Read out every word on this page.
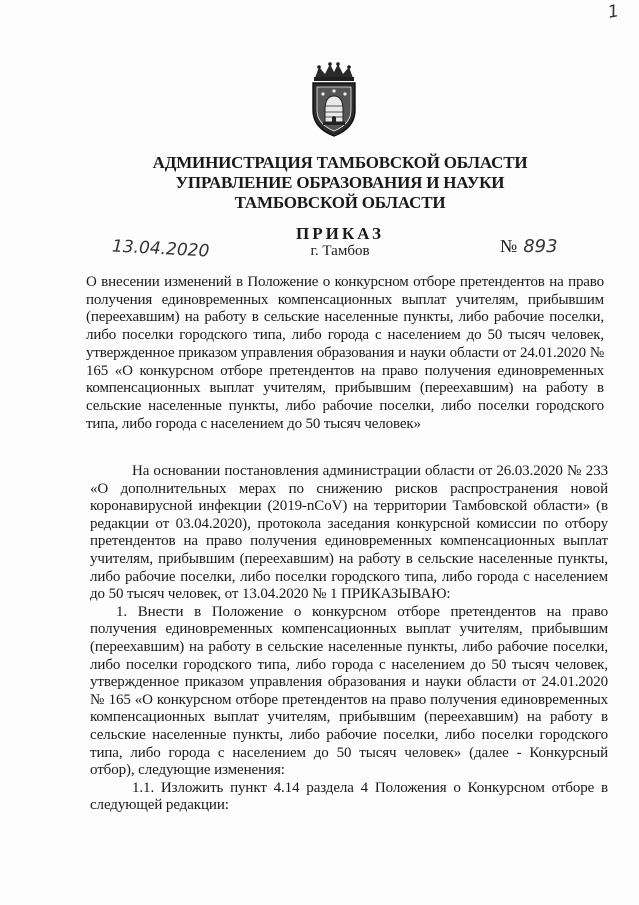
1
АДМИНИСТРАЦИЯ ТАМБОВСКОЙ ОБЛАСТИ
УПРАВЛЕНИЕ ОБРАЗОВАНИЯ И НАУКИ
ТАМБОВСКОЙ ОБЛАСТИ
ПРИКАЗ
13.04.2020	г. Тамбов	№ 893
О внесении изменений в Положение о конкурсном отборе претендентов на право получения единовременных компенсационных выплат учителям, прибывшим (переехавшим) на работу в сельские населенные пункты, либо рабочие поселки, либо поселки городского типа, либо города с населением до 50 тысяч человек, утвержденное приказом управления образования и науки области от 24.01.2020 № 165 «О конкурсном отборе претендентов на право получения единовременных компенсационных выплат учителям, прибывшим (переехавшим) на работу в сельские населенные пункты, либо рабочие поселки, либо поселки городского типа, либо города с населением до 50 тысяч человек»

На основании постановления администрации области от 26.03.2020 № 233 «О дополнительных мерах по снижению рисков распространения новой коронавирусной инфекции (2019-nCoV) на территории Тамбовской области» (в редакции от 03.04.2020), протокола заседания конкурсной комиссии по отбору претендентов на право получения единовременных компенсационных выплат учителям, прибывшим (переехавшим) на работу в сельские населенные пункты, либо рабочие поселки, либо поселки городского типа, либо города с населением до 50 тысяч человек, от 13.04.2020 № 1 ПРИКАЗЫВАЮ:

1. Внести в Положение о конкурсном отборе претендентов на право получения единовременных компенсационных выплат учителям, прибывшим (переехавшим) на работу в сельские населенные пункты, либо рабочие поселки, либо поселки городского типа, либо города с населением до 50 тысяч человек, утвержденное приказом управления образования и науки области от 24.01.2020 № 165 «О конкурсном отборе претендентов на право получения единовременных компенсационных выплат учителям, прибывшим (переехавшим) на работу в сельские населенные пункты, либо рабочие поселки, либо поселки городского типа, либо города с населением до 50 тысяч человек» (далее - Конкурсный отбор), следующие изменения:

1.1. Изложить пункт 4.14 раздела 4 Положения о Конкурсном отборе в следующей редакции:
